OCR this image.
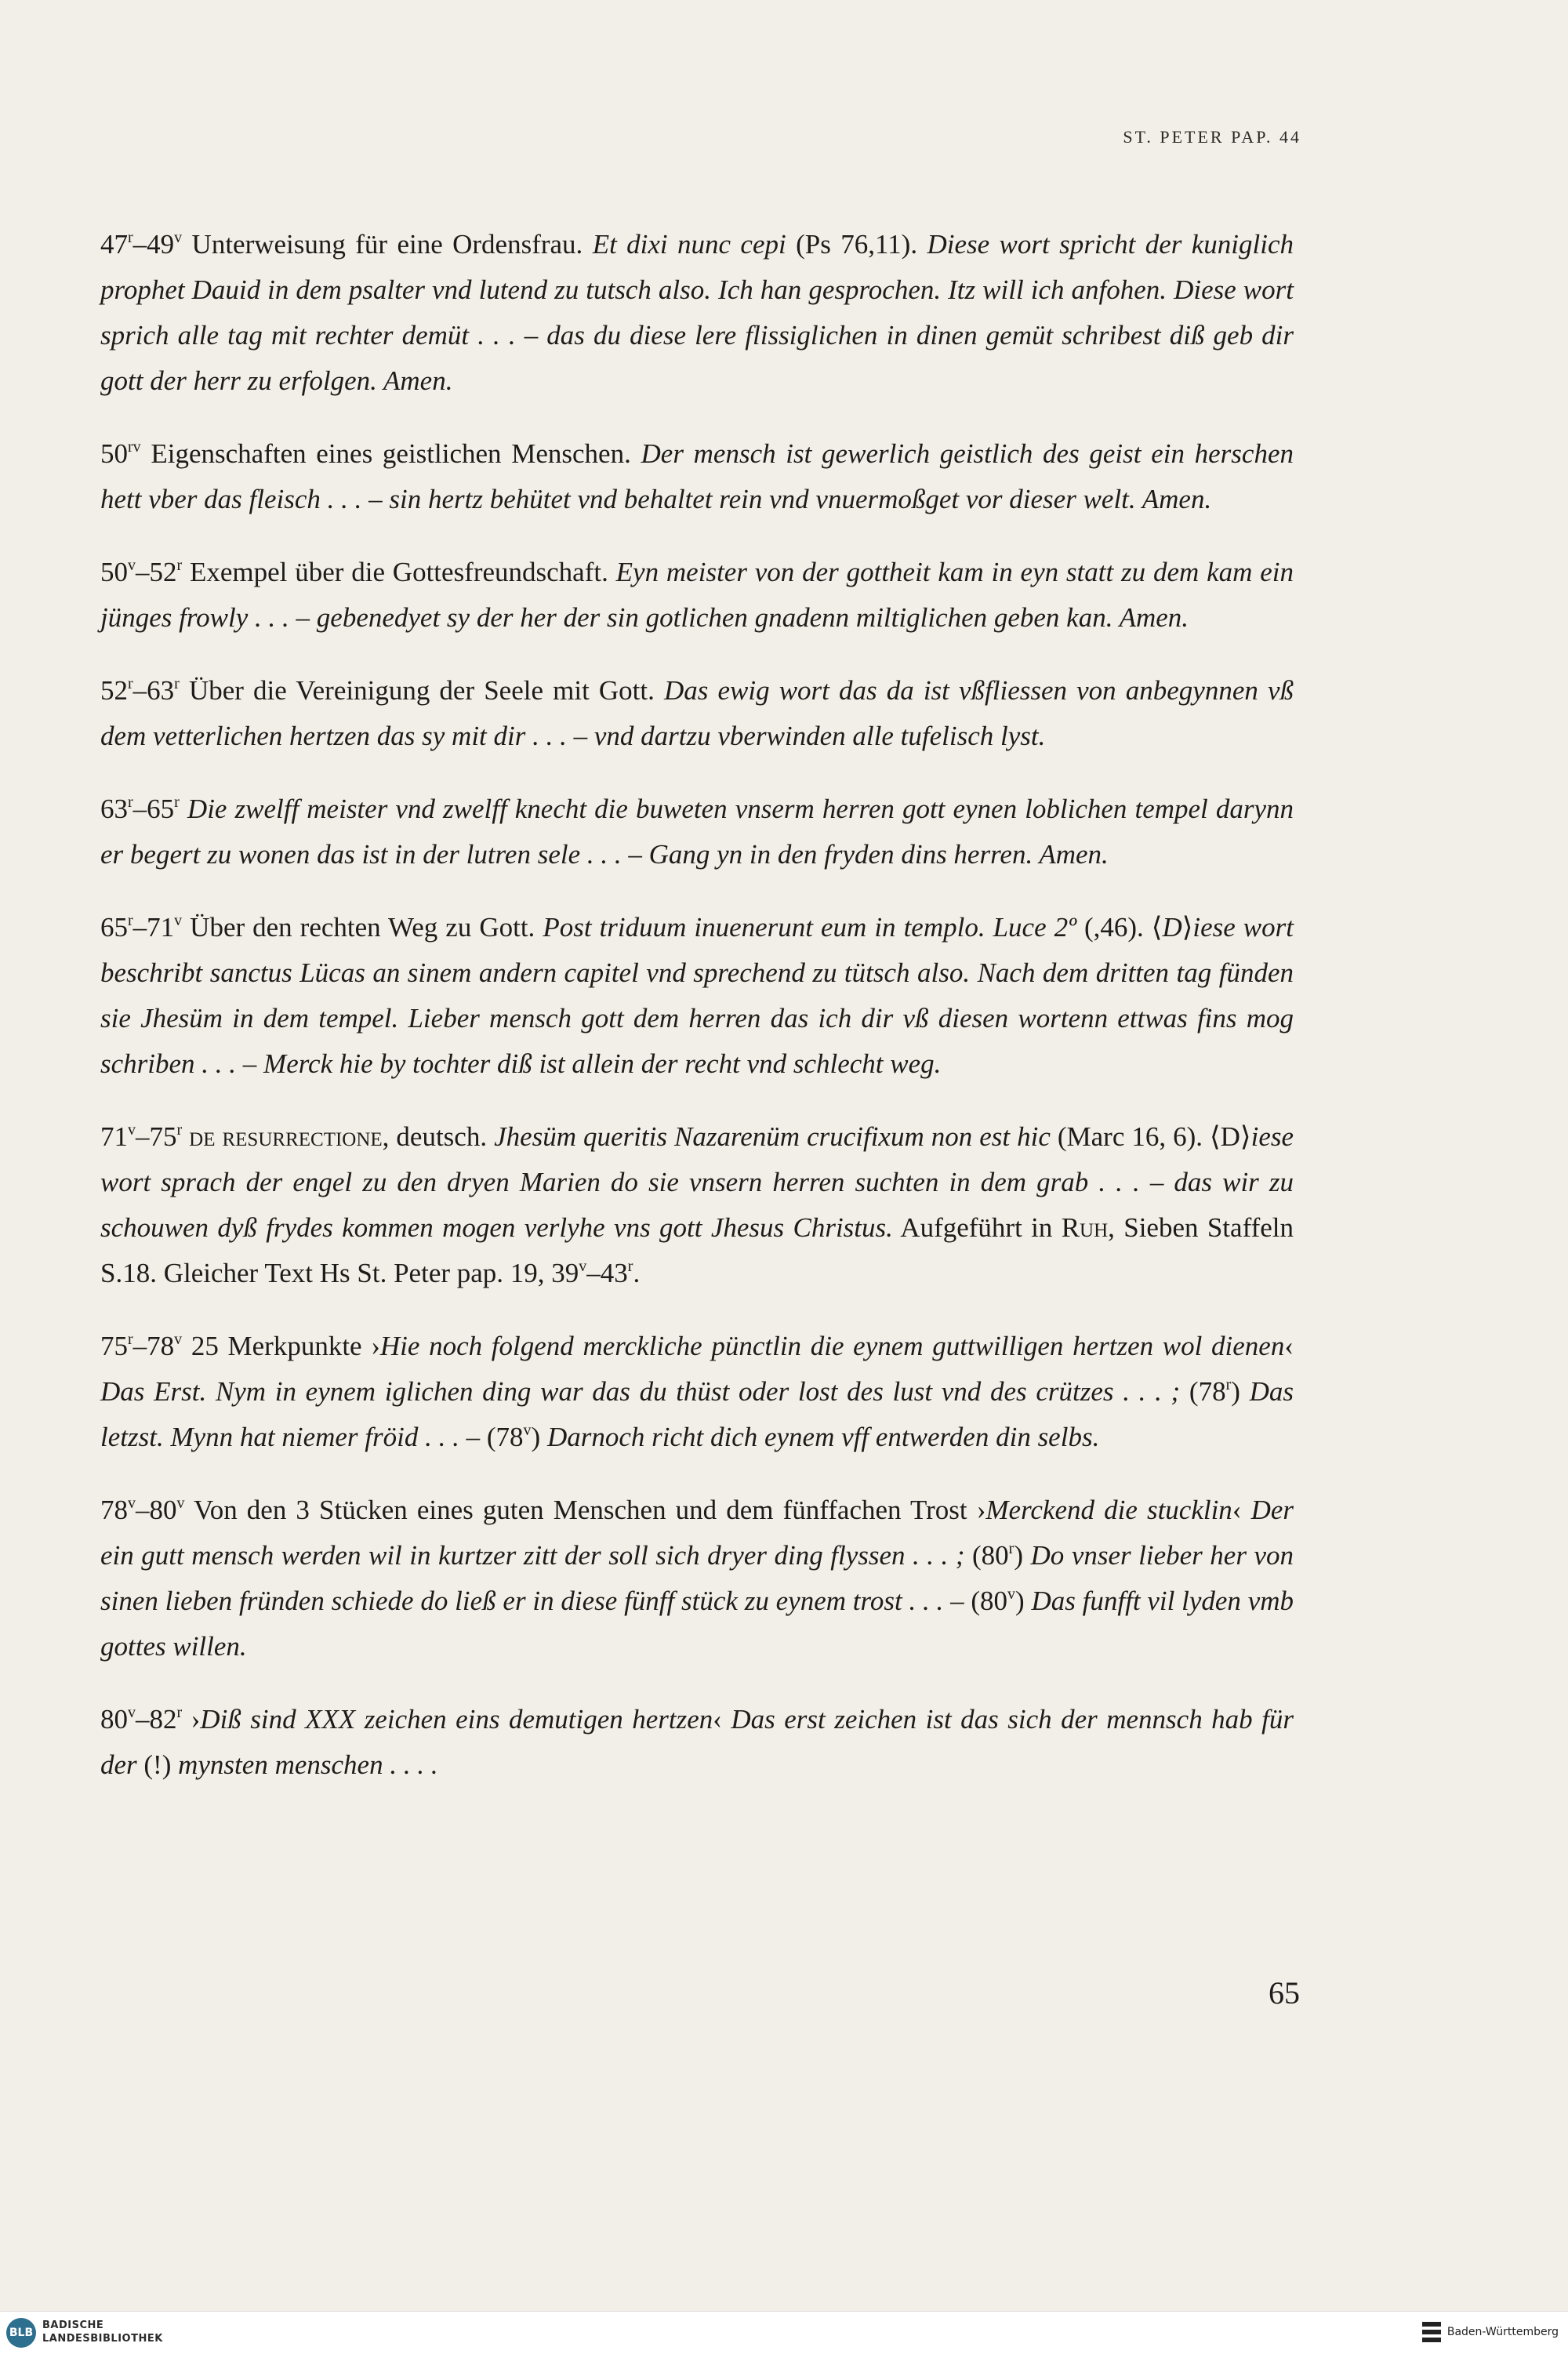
ST. PETER PAP. 44

47$^r$–49$^v$ Unterweisung für eine Ordensfrau. Et dixi nunc cepi (Ps 76,11). Diese wort spricht der kuniglich prophet Dauid in dem psalter vnd lutend zu tutsch also. Ich han gesprochen. Itz will ich anfohen. Diese wort sprich alle tag mit rechter demüt . . . – das du diese lere flissiglichen in dinen gemüt schribest diß geb dir gott der herr zu erfolgen. Amen.

$50^{rv}$ Eigenschaften eines geistlichen Menschen. Der mensch ist gewerlich geistlich des geist ein herschen hett vber das fleisch . . . – sin hertz behütet vnd behaltet rein vnd vnuermoßget vor dieser welt. Amen.

50$^v$–52$^r$ Exempel über die Gottesfreundschaft. Eyn meister von der gottheit kam in eyn statt zu dem kam ein jünges frowly . . . – gebenedyet sy der her der sin gotlichen gnadenn miltiglichen geben kan. Amen.

52$^r$–63$^r$ Über die Vereinigung der Seele mit Gott. Das ewig wort das da ist vßfliessen von anbegynnen vß dem vetterlichen hertzen das sy mit dir . . . – vnd dartzu vberwinden alle tufelisch lyst.

63$^r$–65$^r$ Die zwelff meister vnd zwelff knecht die buweten vnserm herren gott eynen loblichen tempel darynn er begert zu wonen das ist in der lutren sele . . . – Gang yn in den fryden dins herren. Amen.

65$^r$–71$^v$ Über den rechten Weg zu Gott. Post triduum inuenerunt eum in templo. Luce 2º (,46). ⟨D⟩iese wort beschribt sanctus Lücas an sinem andern capitel vnd sprechend zu tütsch also. Nach dem dritten tag fünden sie Jhesüm in dem tempel. Lieber mensch gott dem herren das ich dir vß diesen wortenn ettwas fins mog schriben . . . – Merck hie by tochter diß ist allein der recht vnd schlecht weg.

71$^v$–75$^r$ de resurrectione, deutsch. Jhesüm queritis Nazarenüm crucifixum non est hic (Marc 16, 6). ⟨D⟩iese wort sprach der engel zu den dryen Marien do sie vnsern herren suchten in dem grab . . . – das wir zu schouwen dyß frydes kommen mogen verlyhe vns gott Jhesus Christus. Aufgeführt in Ruh, Sieben Staffeln S.18. Gleicher Text Hs St. Peter pap. 19, 39$^v$–43$^r$.

75$^r$–78$^v$ 25 Merkpunkte ›Hie noch folgend merckliche pünctlin die eynem guttwilligen hertzen wol dienen‹ Das Erst. Nym in eynem iglichen ding war das du thüst oder lost des lust vnd des crützes . . . ; (78$^r$) Das letzst. Mynn hat niemer fröid . . . – (78$^v$) Darnoch richt dich eynem vff entwerden din selbs.

78$^v$–80$^v$ Von den 3 Stücken eines guten Menschen und dem fünffachen Trost ›Merckend die stucklin‹ Der ein gutt mensch werden wil in kurtzer zitt der soll sich dryer ding flyssen . . . ; (80$^r$) Do vnser lieber her von sinen lieben fründen schiede do ließ er in diese fünff stück zu eynem trost . . . – (80$^v$) Das funfft vil lyden vmb gottes willen.

80$^v$–82$^r$ ›Diß sind XXX zeichen eins demutigen hertzen‹ Das erst zeichen ist das sich der mennsch hab für der (!) mynsten menschen . . . .

65
BLB
BADISCHE
LANDESBIBLIOTHEK
Baden-Württemberg
